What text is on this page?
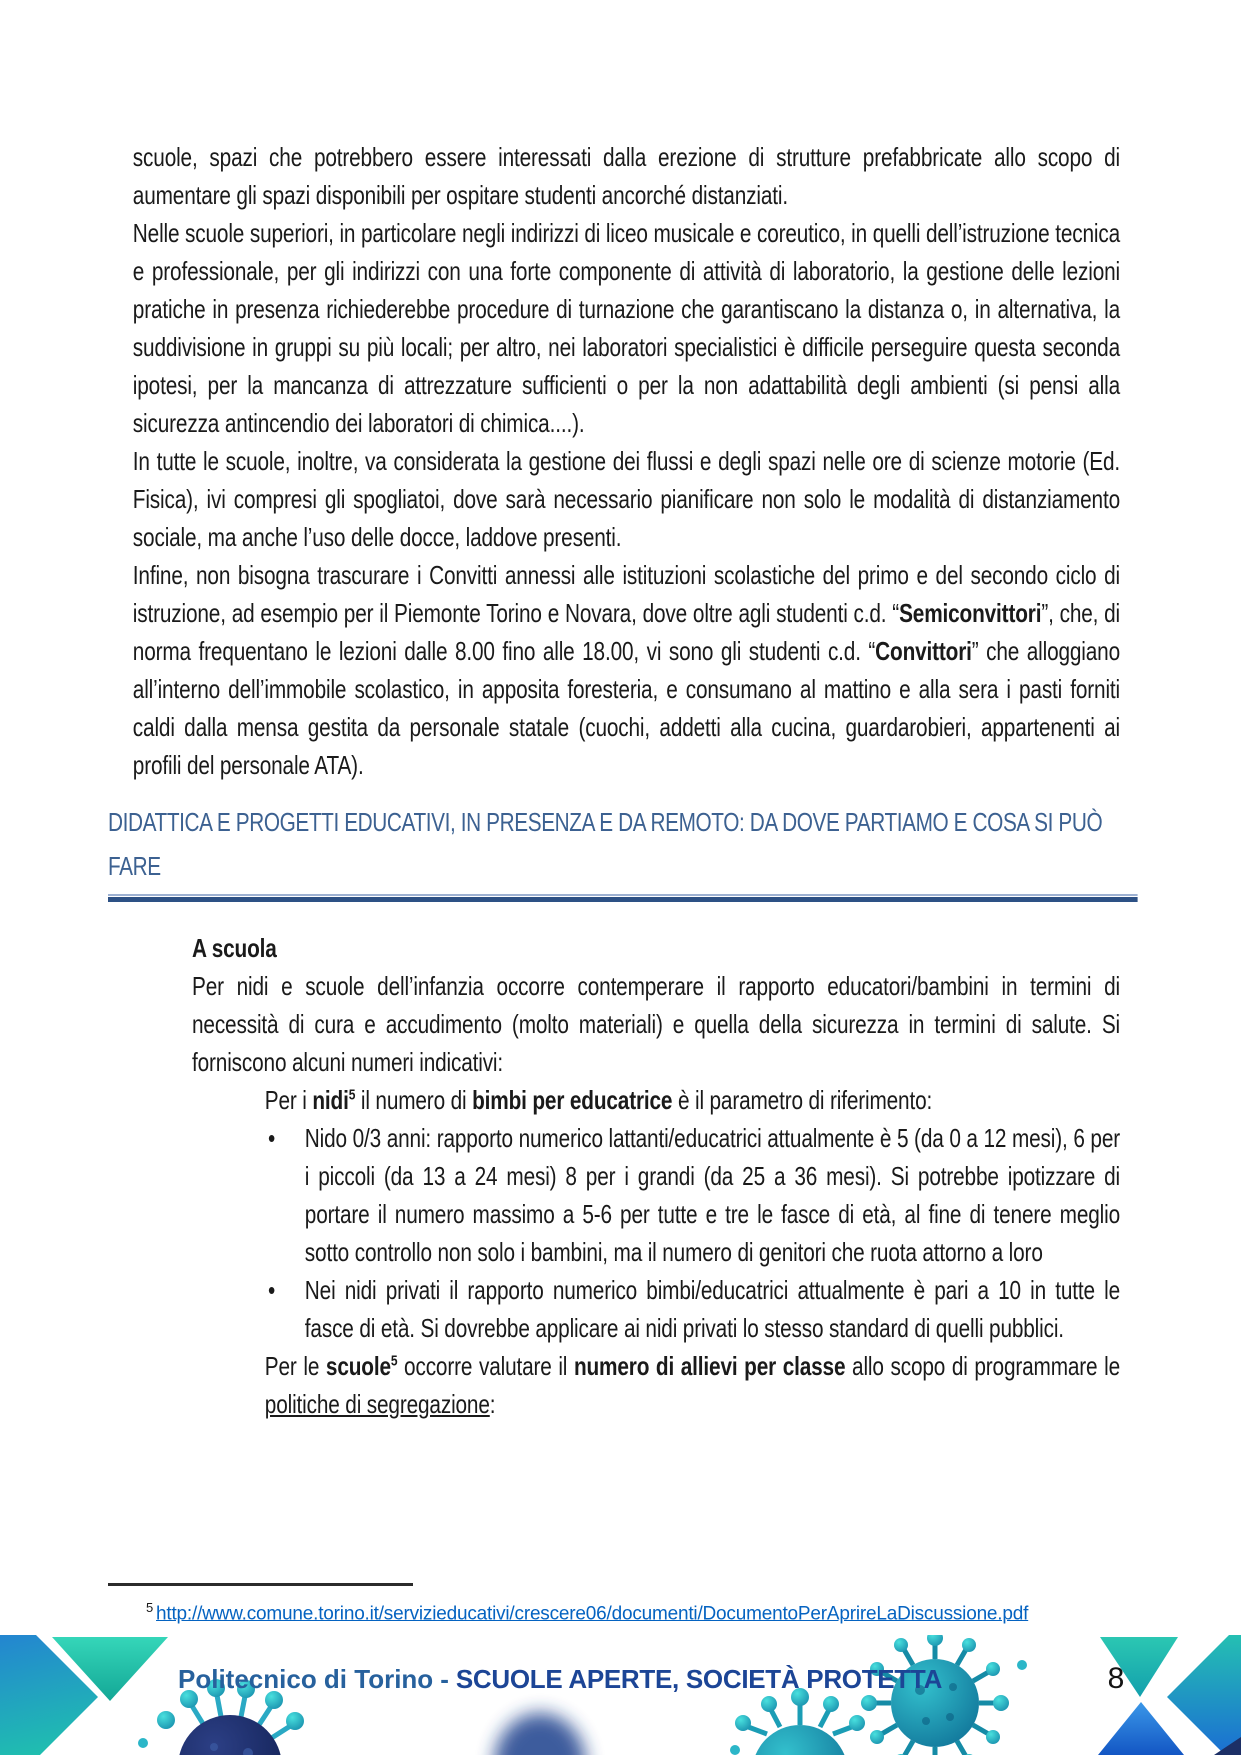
scuole, spazi che potrebbero essere interessati dalla erezione di strutture prefabbricate allo scopo di aumentare gli spazi disponibili per ospitare studenti ancorché distanziati.

Nelle scuole superiori, in particolare negli indirizzi di liceo musicale e coreutico, in quelli dell’istruzione tecnica e professionale, per gli indirizzi con una forte componente di attività di laboratorio, la gestione delle lezioni pratiche in presenza richiederebbe procedure di turnazione che garantiscano la distanza o, in alternativa, la suddivisione in gruppi su più locali; per altro, nei laboratori specialistici è difficile perseguire questa seconda ipotesi, per la mancanza di attrezzature sufficienti o per la non adattabilità degli ambienti (si pensi alla sicurezza antincendio dei laboratori di chimica....).

In tutte le scuole, inoltre, va considerata la gestione dei flussi e degli spazi nelle ore di scienze motorie (Ed. Fisica), ivi compresi gli spogliatoi, dove sarà necessario pianificare non solo le modalità di distanziamento sociale, ma anche l’uso delle docce, laddove presenti.

Infine, non bisogna trascurare i Convitti annessi alle istituzioni scolastiche del primo e del secondo ciclo di istruzione, ad esempio per il Piemonte Torino e Novara, dove oltre agli studenti c.d. “Semiconvittori”, che, di norma frequentano le lezioni dalle 8.00 fino alle 18.00, vi sono gli studenti c.d. “Convittori” che alloggiano all’interno dell’immobile scolastico, in apposita foresteria, e consumano al mattino e alla sera i pasti forniti caldi dalla mensa gestita da personale statale (cuochi, addetti alla cucina, guardarobieri, appartenenti ai profili del personale ATA).

DIDATTICA E PROGETTI EDUCATIVI, IN PRESENZA E DA REMOTO: DA DOVE PARTIAMO E COSA SI PUÒ FARE

A scuola

Per nidi e scuole dell’infanzia occorre contemperare il rapporto educatori/bambini in termini di necessità di cura e accudimento (molto materiali) e quella della sicurezza in termini di salute. Si forniscono alcuni numeri indicativi:

Per i nidi$^5$ il numero di bimbi per educatrice è il parametro di riferimento:

• Nido 0/3 anni: rapporto numerico lattanti/educatrici attualmente è 5 (da 0 a 12 mesi), 6 per i piccoli (da 13 a 24 mesi) 8 per i grandi (da 25 a 36 mesi). Si potrebbe ipotizzare di portare il numero massimo a 5-6 per tutte e tre le fasce di età, al fine di tenere meglio sotto controllo non solo i bambini, ma il numero di genitori che ruota attorno a loro
• Nei nidi privati il rapporto numerico bimbi/educatrici attualmente è pari a 10 in tutte le fasce di età. Si dovrebbe applicare ai nidi privati lo stesso standard di quelli pubblici.

Per le scuole$^5$ occorre valutare il numero di allievi per classe allo scopo di programmare le politiche di segregazione:

$^5$ http://www.comune.torino.it/servizieducativi/crescere06/documenti/DocumentoPerAprireLaDiscussione.pdf
Politecnico di Torino - SCUOLE APERTE, SOCIETÀ PROTETTA	8
